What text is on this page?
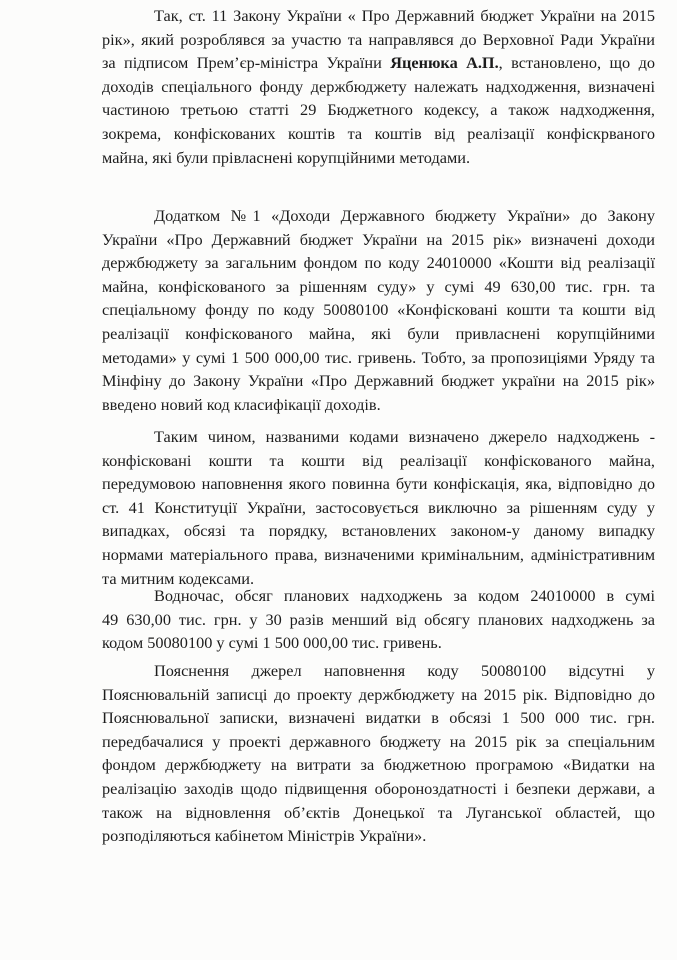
Так, ст. 11 Закону України « Про Державний бюджет України на 2015
рік», який розроблявся за участю та направлявся до Верховної Ради України
за підписом Прем’єр-міністра України Яценюка А.П., встановлено, що до
доходів спеціального фонду держбюджету належать надходження, визначені
частиною третьою статті 29 Бюджетного кодексу, а також надходження,
зокрема, конфіскованих коштів та коштів від реалізації конфіскрваного
майна, які були прівласнені корупційними методами.
Додатком №1 «Доходи Державного бюджету України» до Закону
України «Про Державний бюджет України на 2015 рік» визначені доходи
держбюджету за загальним фондом по коду 24010000 «Кошти від реалізації
майна, конфіскованого за рішенням суду» у сумі 49 630,00 тис. грн. та
спеціальному фонду по коду 50080100 «Конфісковані кошти та кошти від
реалізації конфіскованого майна, які були привласнені корупційними
методами» у сумі 1 500 000,00 тис. гривень. Тобто, за пропозиціями Уряду та
Мінфіну до Закону України «Про Державний бюджет україни на 2015 рік»
введено новий код класифікації доходів.
Таким чином, названими кодами визначено джерело надходжень -
конфісковані кошти та кошти від реалізації конфіскованого майна,
передумовою наповнення якого повинна бути конфіскація, яка, відповідно до
ст. 41 Конституції України, застосовується виключно за рішенням суду у
випадках, обсязі та порядку, встановлених законом-у даному випадку
нормами матеріального права, визначеними кримінальним, адміністративним
та митним кодексами.
Водночас, обсяг планових надходжень за кодом 24010000 в сумі
49 630,00 тис. грн. у 30 разів менший від обсягу планових надходжень за
кодом 50080100 у сумі 1 500 000,00 тис. гривень.
Пояснення джерел наповнення коду 50080100 відсутні у
Пояснювальній записці до проекту держбюджету на 2015 рік. Відповідно до
Пояснювальної записки, визначені видатки в обсязі 1 500 000 тис. грн.
передбачалися у проекті державного бюджету на 2015 рік за спеціальним
фондом держбюджету на витрати за бюджетною програмою «Видатки на
реалізацію заходів щодо підвищення обороноздатності і безпеки держави, а
також на відновлення об’єктів Донецької та Луганської областей, що
розподіляються кабінетом Міністрів України».
